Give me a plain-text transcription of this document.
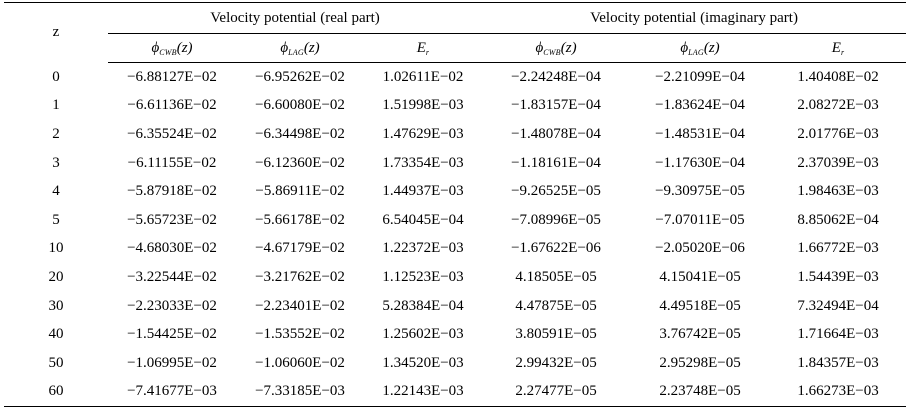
z	Velocity potential (real part)			Velocity potential (imaginary part)		
	$\phi_{CWB}(z)$	$\phi_{LAG}(z)$	$E_r$	$\phi_{CWB}(z)$	$\phi_{LAG}(z)$	$E_r$
0	−6.88127E−02	−6.95262E−02	1.02611E−02	−2.24248E−04	−2.21099E−04	1.40408E−02
1	−6.61136E−02	−6.60080E−02	1.51998E−03	−1.83157E−04	−1.83624E−04	2.08272E−03
2	−6.35524E−02	−6.34498E−02	1.47629E−03	−1.48078E−04	−1.48531E−04	2.01776E−03
3	−6.11155E−02	−6.12360E−02	1.73354E−03	−1.18161E−04	−1.17630E−04	2.37039E−03
4	−5.87918E−02	−5.86911E−02	1.44937E−03	−9.26525E−05	−9.30975E−05	1.98463E−03
5	−5.65723E−02	−5.66178E−02	6.54045E−04	−7.08996E−05	−7.07011E−05	8.85062E−04
10	−4.68030E−02	−4.67179E−02	1.22372E−03	−1.67622E−06	−2.05020E−06	1.66772E−03
20	−3.22544E−02	−3.21762E−02	1.12523E−03	4.18505E−05	4.15041E−05	1.54439E−03
30	−2.23033E−02	−2.23401E−02	5.28384E−04	4.47875E−05	4.49518E−05	7.32494E−04
40	−1.54425E−02	−1.53552E−02	1.25602E−03	3.80591E−05	3.76742E−05	1.71664E−03
50	−1.06995E−02	−1.06060E−02	1.34520E−03	2.99432E−05	2.95298E−05	1.84357E−03
60	−7.41677E−03	−7.33185E−03	1.22143E−03	2.27477E−05	2.23748E−05	1.66273E−03
